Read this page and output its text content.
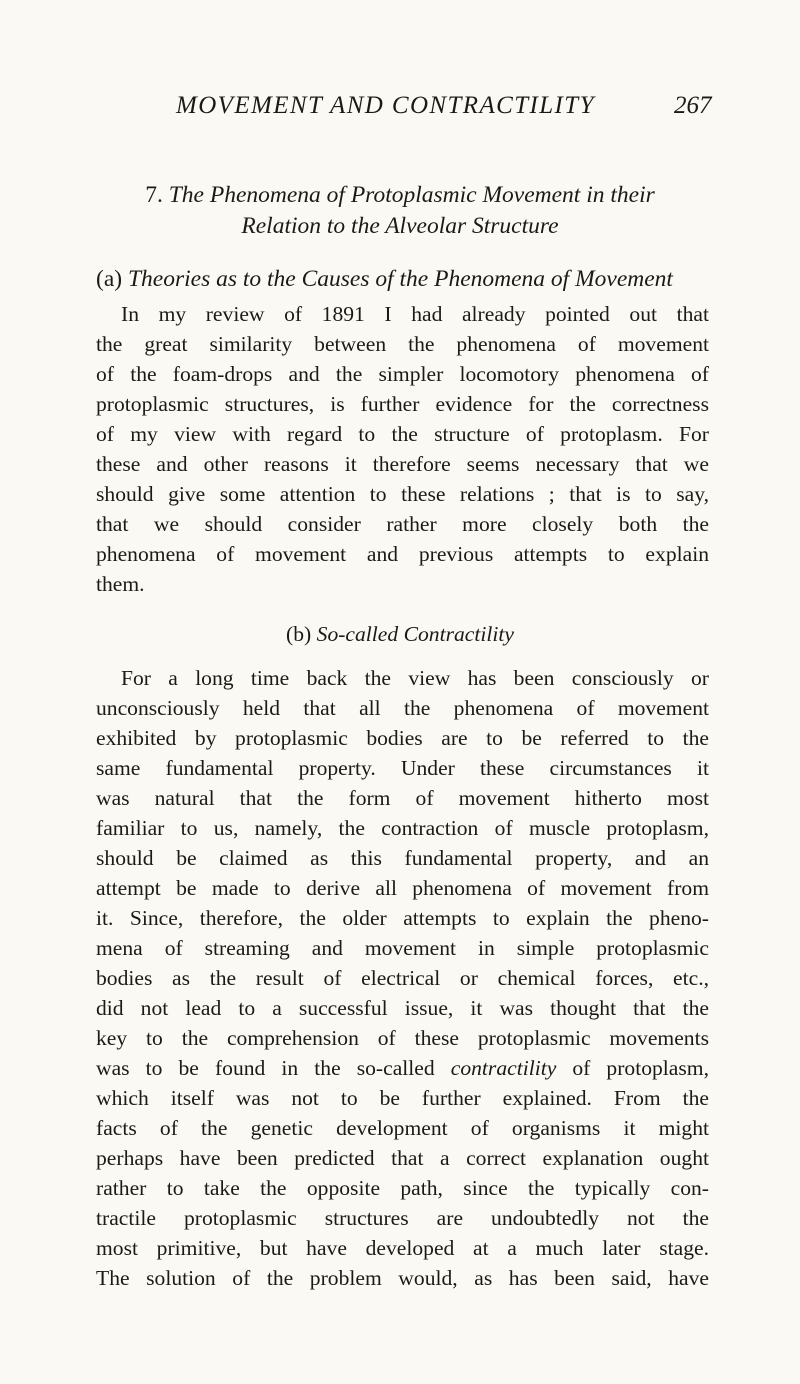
MOVEMENT AND CONTRACTILITY	267

7. The Phenomena of Protoplasmic Movement in their

Relation to the Alveolar Structure

(a) Theories as to the Causes of the Phenomena of Movement
In my review of 1891 I had already pointed out that
the great similarity between the phenomena of movement
of the foam-drops and the simpler locomotory phenomena of
protoplasmic structures, is further evidence for the correctness
of my view with regard to the structure of protoplasm. For
these and other reasons it therefore seems necessary that we
should give some attention to these relations ; that is to say,
that we should consider rather more closely both the
phenomena of movement and previous attempts to explain
them.
(b) So-called Contractility
For a long time back the view has been consciously or
unconsciously held that all the phenomena of movement
exhibited by protoplasmic bodies are to be referred to the
same fundamental property. Under these circumstances it
was natural that the form of movement hitherto most
familiar to us, namely, the contraction of muscle protoplasm,
should be claimed as this fundamental property, and an
attempt be made to derive all phenomena of movement from
it. Since, therefore, the older attempts to explain the pheno-
mena of streaming and movement in simple protoplasmic
bodies as the result of electrical or chemical forces, etc.,
did not lead to a successful issue, it was thought that the
key to the comprehension of these protoplasmic movements
was to be found in the so-called contractility of protoplasm,
which itself was not to be further explained. From the
facts of the genetic development of organisms it might
perhaps have been predicted that a correct explanation ought
rather to take the opposite path, since the typically con-
tractile protoplasmic structures are undoubtedly not the
most primitive, but have developed at a much later stage.
The solution of the problem would, as has been said, have
